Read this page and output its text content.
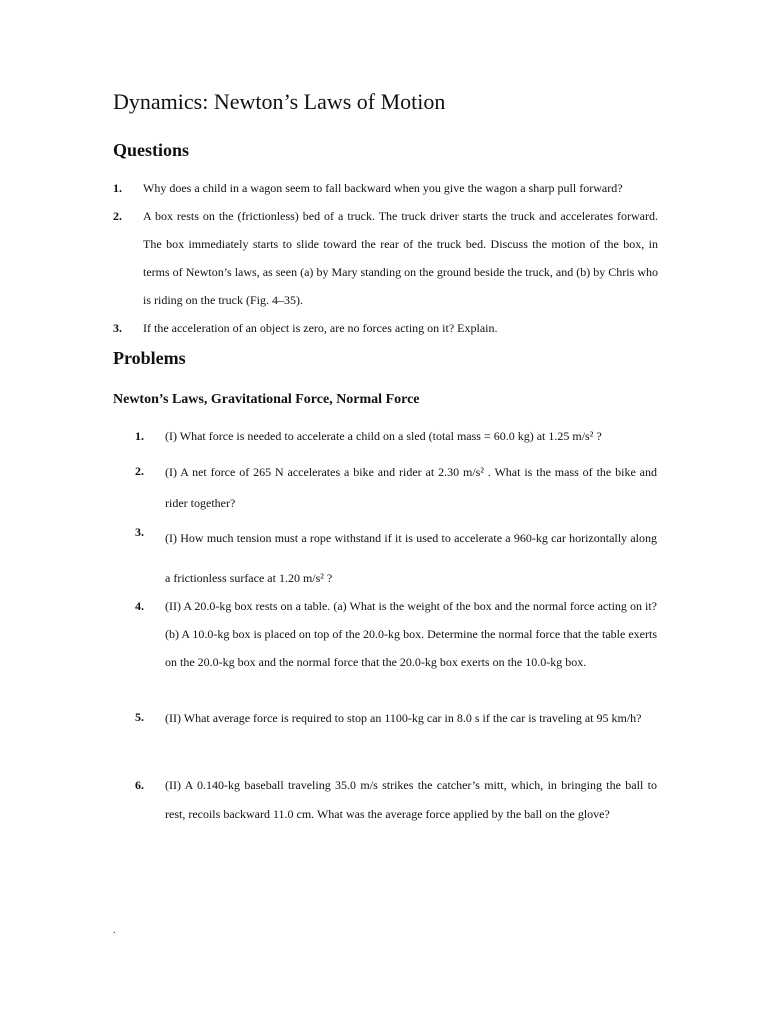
Dynamics: Newton’s Laws of Motion
Questions
1. Why does a child in a wagon seem to fall backward when you give the wagon a sharp pull forward?
2. A box rests on the (frictionless) bed of a truck. The truck driver starts the truck and accelerates forward. The box immediately starts to slide toward the rear of the truck bed. Discuss the motion of the box, in terms of Newton’s laws, as seen (a) by Mary standing on the ground beside the truck, and (b) by Chris who is riding on the truck (Fig. 4–35).
3. If the acceleration of an object is zero, are no forces acting on it? Explain.
Problems
Newton’s Laws, Gravitational Force, Normal Force
1. (I) What force is needed to accelerate a child on a sled (total mass = 60.0 kg) at 1.25 m/s² ?
2. (I) A net force of 265 N accelerates a bike and rider at 2.30 m/s² . What is the mass of the bike and rider together?
3. (I) How much tension must a rope withstand if it is used to accelerate a 960-kg car horizontally along a frictionless surface at 1.20 m/s² ?
4. (II) A 20.0-kg box rests on a table. (a) What is the weight of the box and the normal force acting on it? (b) A 10.0-kg box is placed on top of the 20.0-kg box. Determine the normal force that the table exerts on the 20.0-kg box and the normal force that the 20.0-kg box exerts on the 10.0-kg box.
5. (II) What average force is required to stop an 1100-kg car in 8.0 s if the car is traveling at 95 km/h?
6. (II) A 0.140-kg baseball traveling 35.0 m/s strikes the catcher’s mitt, which, in bringing the ball to rest, recoils backward 11.0 cm. What was the average force applied by the ball on the glove?
.
